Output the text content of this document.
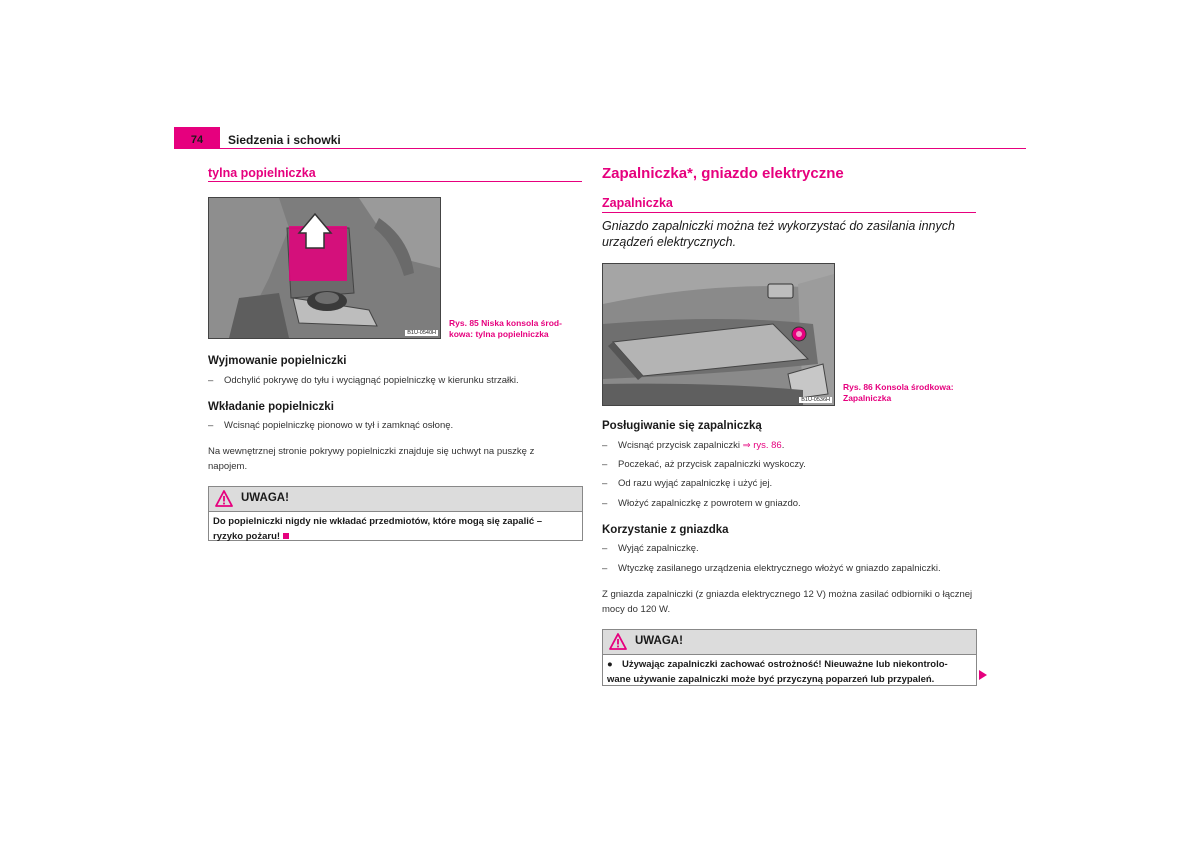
74	Siedzenia i schowki
tylna popielniczka
B1U-0540H
Rys. 85 Niska konsola środ-
kowa: tylna popielniczka
Wyjmowanie popielniczki
– Odchylić pokrywę do tyłu i wyciągnąć popielniczkę w kierunku strzałki.
Wkładanie popielniczki
– Wcisnąć popielniczkę pionowo w tył i zamknąć osłonę.
Na wewnętrznej stronie pokrywy popielniczki znajduje się uchwyt na puszkę z
napojem.
UWAGA!
Do popielniczki nigdy nie wkładać przedmiotów, które mogą się zapalić –
ryzyko pożaru!
Zapalniczka*, gniazdo elektryczne
Zapalniczka
Gniazdo zapalniczki można też wykorzystać do zasilania innych
urządzeń elektrycznych.
B1U-0536H
Rys. 86 Konsola środkowa:
Zapalniczka
Posługiwanie się zapalniczką
– Wcisnąć przycisk zapalniczki ⇒ rys. 86.
– Poczekać, aż przycisk zapalniczki wyskoczy.
– Od razu wyjąć zapalniczkę i użyć jej.
– Włożyć zapalniczkę z powrotem w gniazdo.
Korzystanie z gniazdka
– Wyjąć zapalniczkę.
– Wtyczkę zasilanego urządzenia elektrycznego włożyć w gniazdo zapalniczki.
Z gniazda zapalniczki (z gniazda elektrycznego 12 V) można zasilać odbiorniki o łącznej
mocy do 120 W.
UWAGA!
● Używając zapalniczki zachować ostrożność! Nieuważne lub niekontrolo-
wane używanie zapalniczki może być przyczyną poparzeń lub przypaleń.
